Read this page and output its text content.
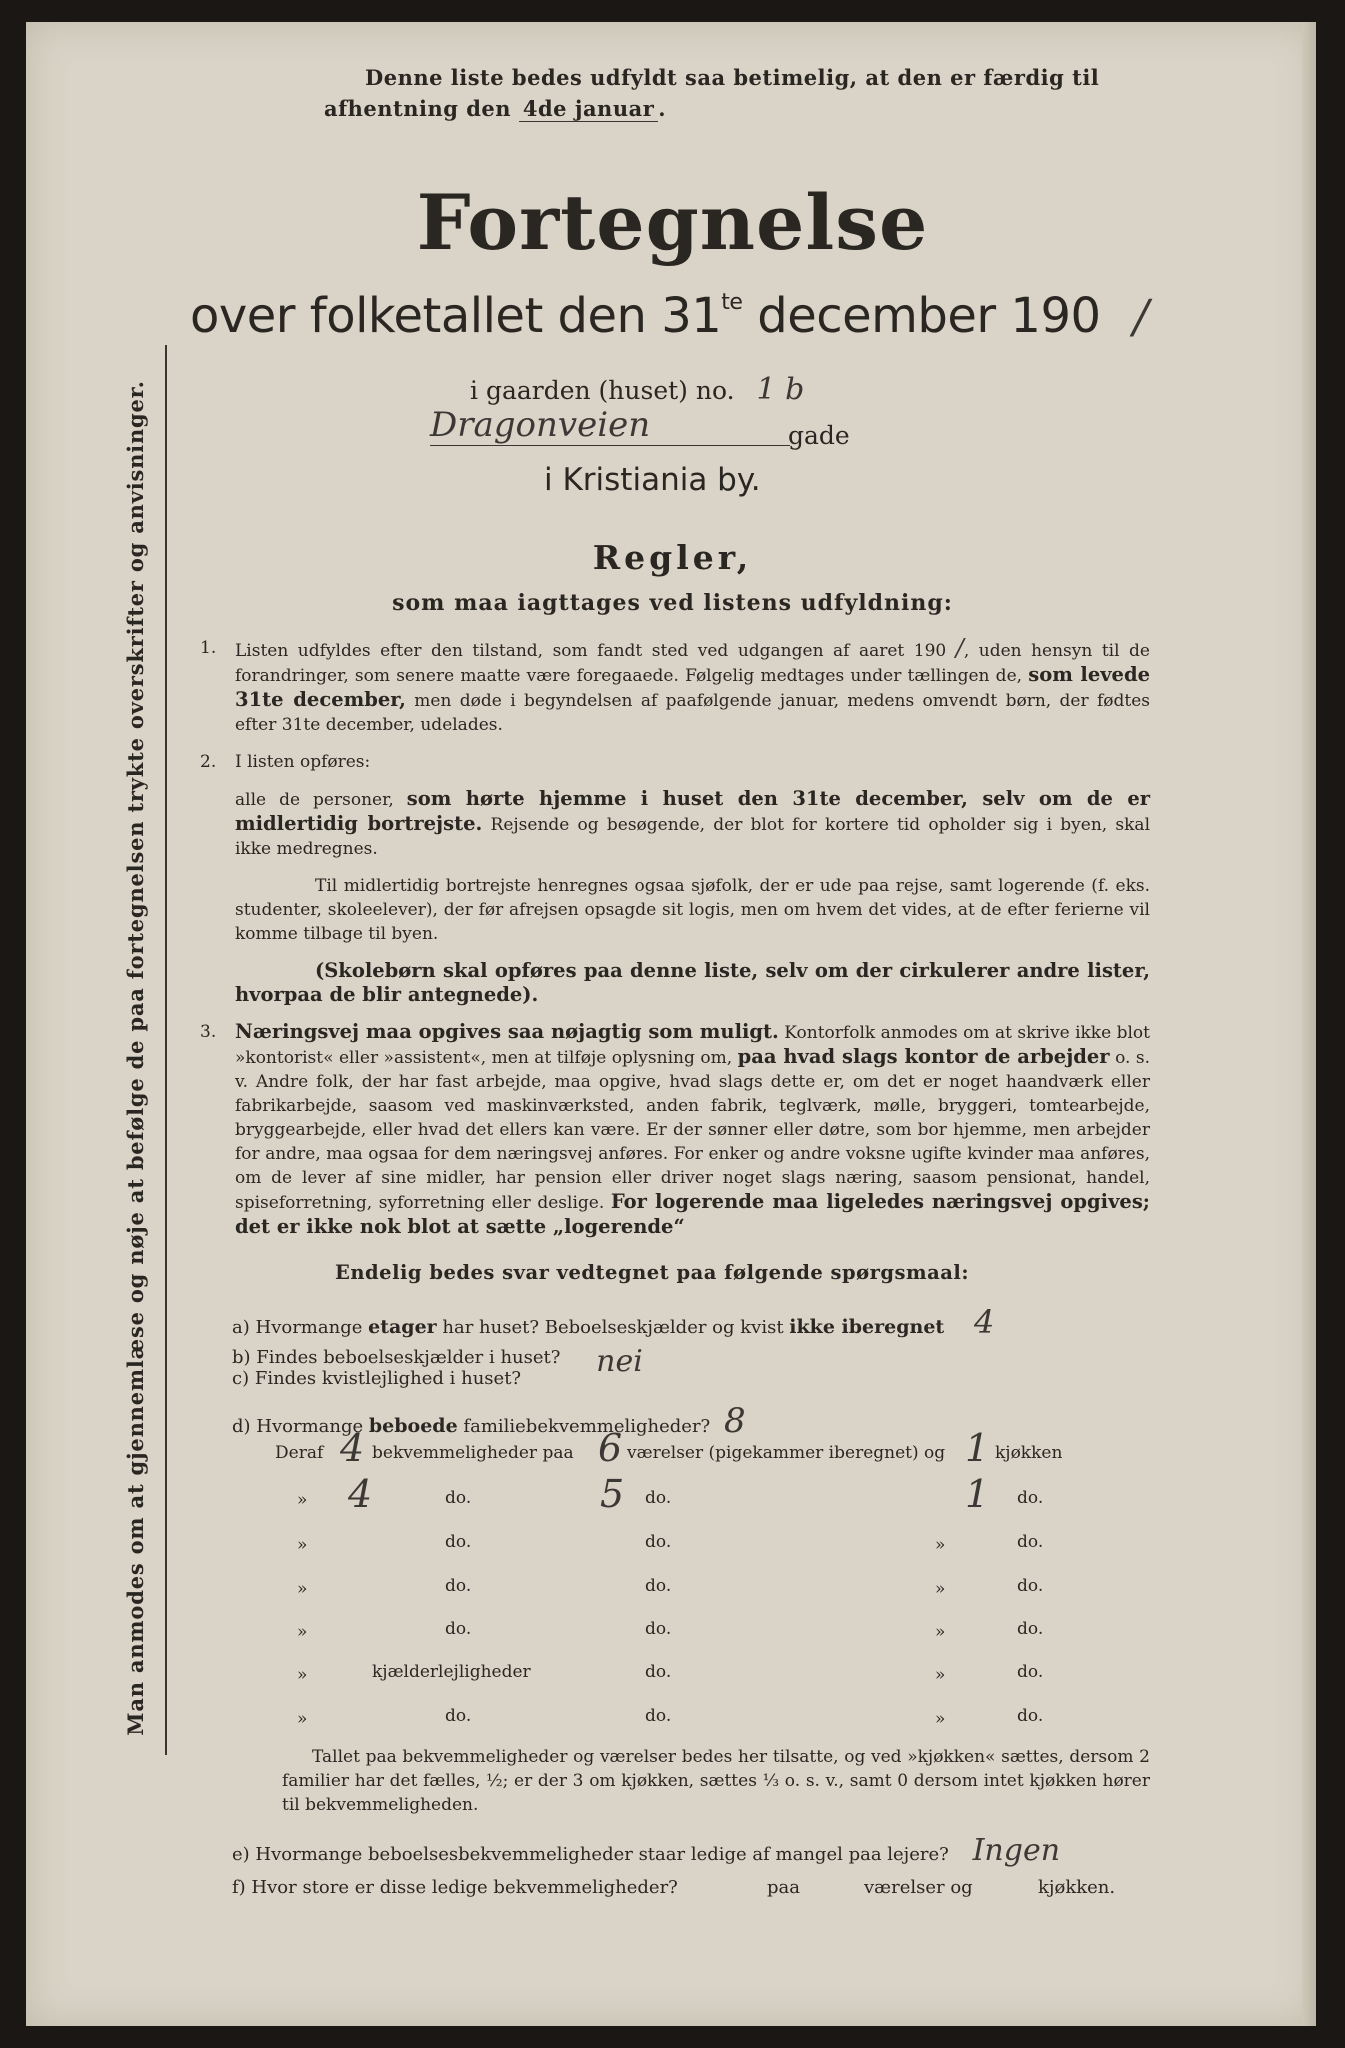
Denne liste bedes udfyldt saa betimelig, at den er færdig til
afhentning den 4de januar .
Fortegnelse
over folketallet den $31^{te}$ december 190 /
i gaarden (huset) no. 1 b
Dragonveien	gade
i Kristiania by.
Regler,
som maa iagttages ved listens udfyldning:
1. Listen udfyldes efter den tilstand, som fandt sted ved udgangen af aaret 190 /, uden hensyn til de forandringer, som senere maatte være foregaaede. Følgelig medtages under tællingen de, som levede 31te december, men døde i begyndelsen af paafølgende januar, medens omvendt børn, der fødtes efter 31te december, udelades.
2. I listen opføres:

alle de personer, som hørte hjemme i huset den 31te december, selv om de er midlertidig bortrejste. Rejsende og besøgende, der blot for kortere tid opholder sig i byen, skal ikke medregnes.

Til midlertidig bortrejste henregnes ogsaa sjøfolk, der er ude paa rejse, samt logerende (f. eks. studenter, skoleelever), der før afrejsen opsagde sit logis, men om hvem det vides, at de efter ferierne vil komme tilbage til byen.

(Skolebørn skal opføres paa denne liste, selv om der cirkulerer andre lister, hvorpaa de blir antegnede).

3. Næringsvej maa opgives saa nøjagtig som muligt. Kontorfolk anmodes om at skrive ikke blot »kontorist« eller »assistent«, men at tilføje oplysning om, paa hvad slags kontor de arbejder o. s. v. Andre folk, der har fast arbejde, maa opgive, hvad slags dette er, om det er noget haandværk eller fabrikarbejde, saasom ved maskinværksted, anden fabrik, teglværk, mølle, bryggeri, tomtearbejde, bryggearbejde, eller hvad det ellers kan være. Er der sønner eller døtre, som bor hjemme, men arbejder for andre, maa ogsaa for dem næringsvej anføres. For enker og andre voksne ugifte kvinder maa anføres, om de lever af sine midler, har pension eller driver noget slags næring, saasom pensionat, handel, spiseforretning, syforretning eller deslige. For logerende maa ligeledes næringsvej opgives; det er ikke nok blot at sætte „logerende“
Endelig bedes svar vedtegnet paa følgende spørgsmaal:
a) Hvormange etager har huset? Beboelseskjælder og kvist ikke iberegnet 4
b) Findes beboelseskjælder i huset? nei
c) Findes kvistlejlighed i huset?
d) Hvormange beboede familiebekvemmeligheder? 8
Deraf 4 bekvemmeligheder paa 6 værelser (pigekammer iberegnet) og 1 kjøkken
» 4	do.	5 do.	1 do.
»	do.	do.	»	do.
»	do.	do.	»	do.
»	do.	do.	»	do.
»	kjælderlejligheder	do.	»	do.
»	do.	do.	»	do.
Tallet paa bekvemmeligheder og værelser bedes her tilsatte, og ved »kjøkken« sættes, dersom 2 familier har det fælles, ½; er der 3 om kjøkken, sættes ⅓ o. s. v., samt 0 dersom intet kjøkken hører til bekvemmeligheden.
e) Hvormange beboelsesbekvemmeligheder staar ledige af mangel paa lejere? Ingen
f) Hvor store er disse ledige bekvemmeligheder?	paa	værelser og	kjøkken.
Man anmodes om at gjennemlæse og nøje at befølge de paa fortegnelsen trykte overskrifter og anvisninger.
